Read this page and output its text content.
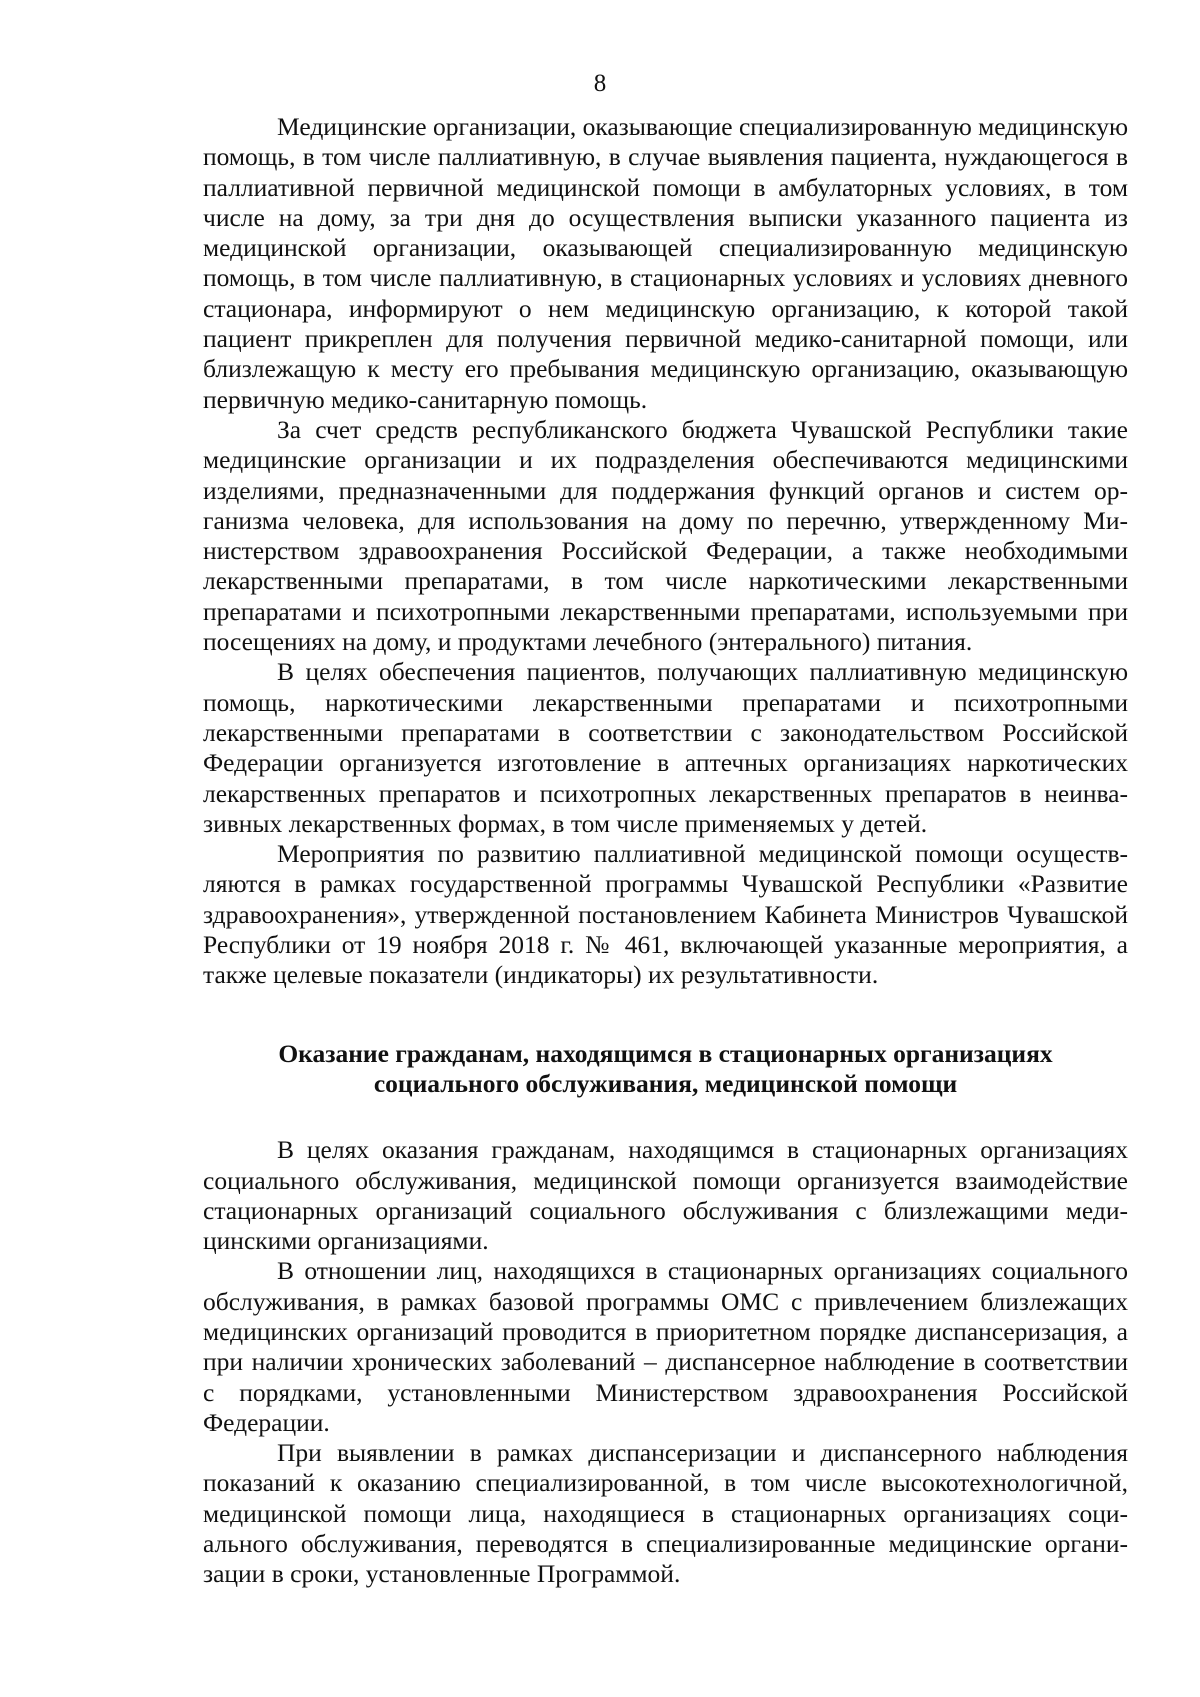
8

Медицинские организации, оказывающие специализированную медицинскую помощь, в том числе паллиативную, в случае выявления пациента, нуждающегося в паллиативной первичной медицинской помощи в амбулаторных условиях, в том числе на дому, за три дня до осуществления выписки указанного пациента из медицинской организации, оказывающей специализированную медицинскую помощь, в том числе паллиативную, в стационарных условиях и условиях дневного стационара, информируют о нем медицинскую организацию, к которой такой пациент прикреплен для получения первичной медико-санитарной помощи, или близлежащую к месту его пребывания медицинскую организацию, оказывающую первичную медико-санитарную помощь.

За счет средств республиканского бюджета Чувашской Республики такие медицинские организации и их подразделения обеспечиваются медицинскими изделиями, предназначенными для поддержания функций органов и систем организма человека, для использования на дому по перечню, утвержденному Министерством здравоохранения Российской Федерации, а также необходимыми лекарственными препаратами, в том числе наркотическими лекарственными препаратами и психотропными лекарственными препаратами, используемыми при посещениях на дому, и продуктами лечебного (энтерального) питания.

В целях обеспечения пациентов, получающих паллиативную медицинскую помощь, наркотическими лекарственными препаратами и психотропными лекарственными препаратами в соответствии с законодательством Российской Федерации организуется изготовление в аптечных организациях наркотических лекарственных препаратов и психотропных лекарственных препаратов в неинвазивных лекарственных формах, в том числе применяемых у детей.

Мероприятия по развитию паллиативной медицинской помощи осуществляются в рамках государственной программы Чувашской Республики «Развитие здравоохранения», утвержденной постановлением Кабинета Министров Чувашской Республики от 19 ноября 2018 г. № 461, включающей указанные мероприятия, а также целевые показатели (индикаторы) их результативности.

Оказание гражданам, находящимся в стационарных организациях
социального обслуживания, медицинской помощи

В целях оказания гражданам, находящимся в стационарных организациях социального обслуживания, медицинской помощи организуется взаимодействие стационарных организаций социального обслуживания с близлежащими медицинскими организациями.

В отношении лиц, находящихся в стационарных организациях социального обслуживания, в рамках базовой программы ОМС с привлечением близлежащих медицинских организаций проводится в приоритетном порядке диспансеризация, а при наличии хронических заболеваний – диспансерное наблюдение в соответствии с порядками, установленными Министерством здравоохранения Российской Федерации.

При выявлении в рамках диспансеризации и диспансерного наблюдения показаний к оказанию специализированной, в том числе высокотехнологичной, медицинской помощи лица, находящиеся в стационарных организациях социального обслуживания, переводятся в специализированные медицинские организации в сроки, установленные Программой.
